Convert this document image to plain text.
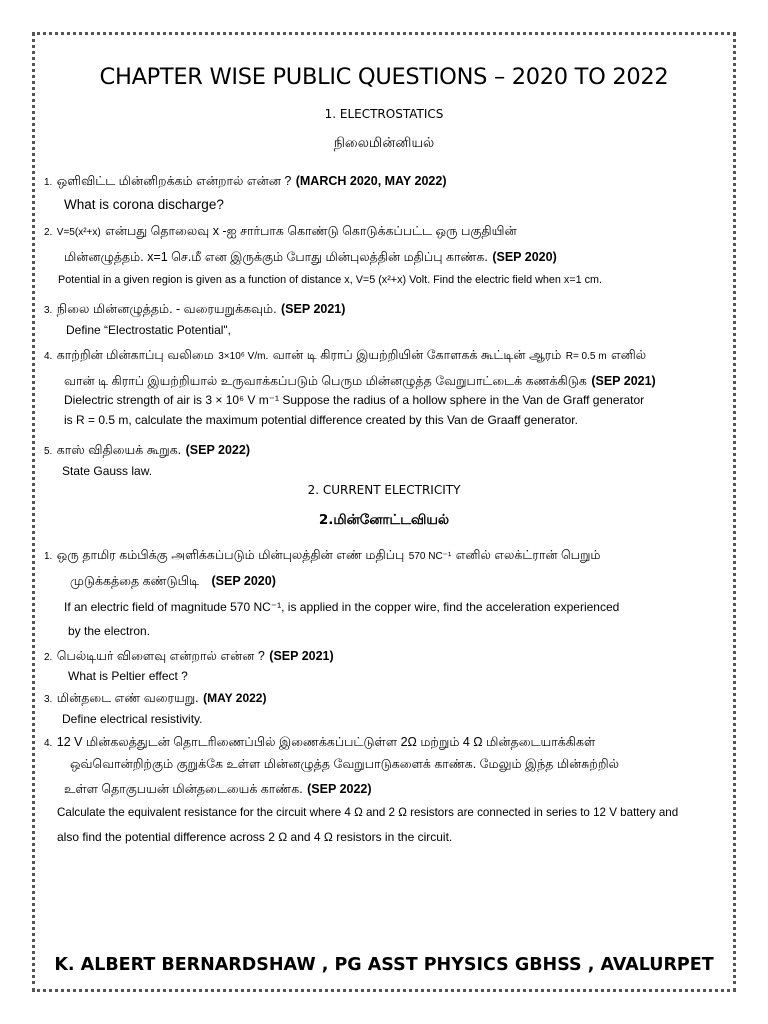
CHAPTER WISE PUBLIC QUESTIONS – 2020 TO 2022
1. ELECTROSTATICS
நிலைமின்னியல்
1. ஒளிவிட்ட மின்னிறக்கம் என்றால் என்ன ? (MARCH 2020, MAY 2022)
What is corona discharge?
2. V=5(x²+x) என்பது தொலைவு x -ஐ சார்பாக கொண்டு கொடுக்கப்பட்ட ஒரு பகுதியின்
மின்னழுத்தம். x=1 செ.மீ என இருக்கும் போது மின்புலத்தின் மதிப்பு காண்க. (SEP 2020)
Potential in a given region is given as a function of distance x, V=5 (x²+x) Volt. Find the electric field when x=1 cm.
3. நிலை மின்னழுத்தம். - வரையறுக்கவும். (SEP 2021)
Define “Electrostatic Potential",
4. காற்றின் மின்காப்பு வலிமை 3×10⁶ V/m. வான் டி கிராப் இயற்றியின் கோளகக் கூட்டின் ஆரம் R= 0.5 m எனில்
வான் டி கிராப் இயற்றியால் உருவாக்கப்படும் பெரும மின்னழுத்த வேறுபாட்டைக் கணக்கிடுக (SEP 2021)
Dielectric strength of air is 3 × 10⁶ V m⁻¹ Suppose the radius of a hollow sphere in the Van de Graff generator
is R = 0.5 m, calculate the maximum potential difference created by this Van de Graaff generator.
5. காஸ் விதியைக் கூறுக. (SEP 2022)
State Gauss law.
2. CURRENT ELECTRICITY
2.மின்னோட்டவியல்
1. ஒரு தாமிர கம்பிக்கு அளிக்கப்படும் மின்புலத்தின் எண் மதிப்பு 570 NC⁻¹ எனில் எலக்ட்ரான் பெறும்
முடுக்கத்தை கண்டுபிடி (SEP 2020)
If an electric field of magnitude 570 NC⁻¹, is applied in the copper wire, find the acceleration experienced
by the electron.
2. பெல்டியர் விளைவு என்றால் என்ன ? (SEP 2021)
What is Peltier effect ?
3. மின்தடை எண் வரையறு. (MAY 2022)
Define electrical resistivity.
4. 12 V மின்கலத்துடன் தொடரிணைப்பில் இணைக்கப்பட்டுள்ள 2Ω மற்றும் 4 Ω மின்தடையாக்கிகள்
ஒவ்வொன்றிற்கும் குறுக்கே உள்ள மின்னழுத்த வேறுபாடுகளைக் காண்க. மேலும் இந்த மின்சுற்றில்
உள்ள தொகுபயன் மின்தடையைக் காண்க. (SEP 2022)
Calculate the equivalent resistance for the circuit where 4 Ω and 2 Ω resistors are connected in series to 12 V battery and
also find the potential difference across 2 Ω and 4 Ω resistors in the circuit.
K. ALBERT BERNARDSHAW , PG ASST PHYSICS GBHSS , AVALURPET
